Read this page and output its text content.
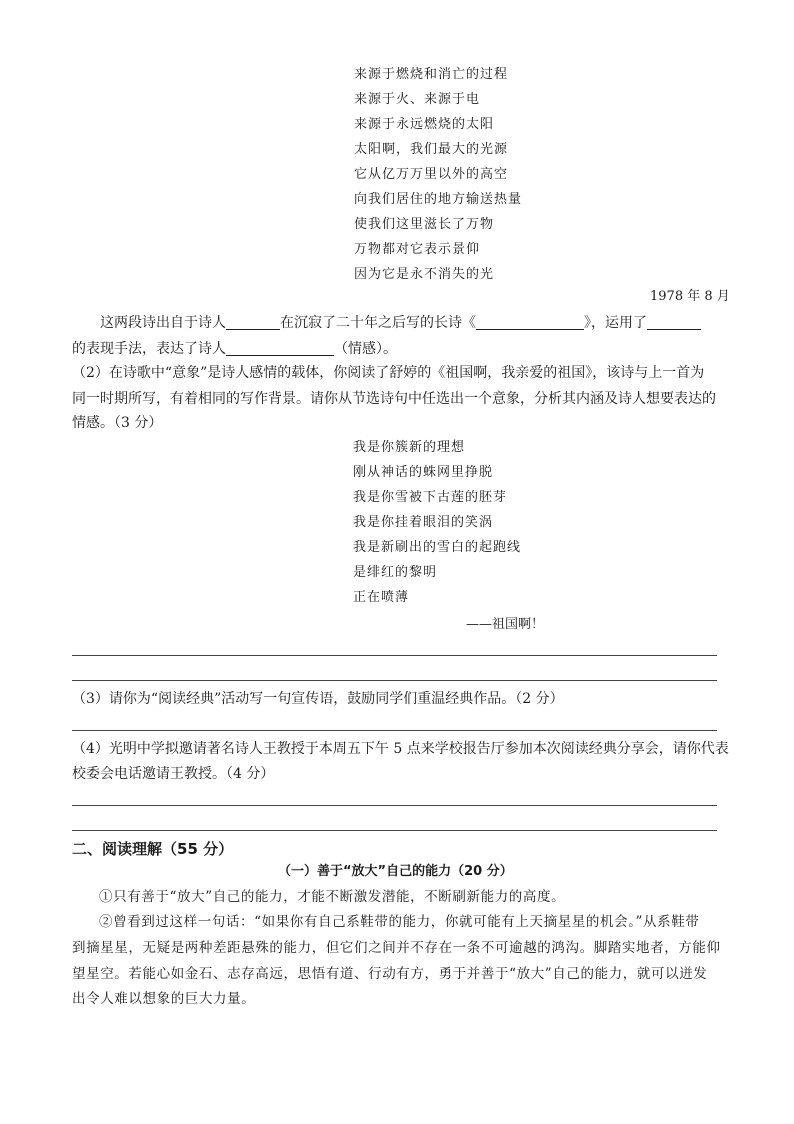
来源于燃烧和消亡的过程
来源于火、来源于电
来源于永远燃烧的太阳
太阳啊，我们最大的光源
它从亿万万里以外的高空
向我们居住的地方输送热量
使我们这里滋长了万物
万物都对它表示景仰
因为它是永不消失的光
1978 年 8 月
这两段诗出自于诗人	在沉寂了二十年之后写的长诗《	》，运用了
的表现手法，表达了诗人	（情感）。
（2）在诗歌中“意象”是诗人感情的载体，你阅读了舒婷的《祖国啊，我亲爱的祖国》，该诗与上一首为
同一时期所写，有着相同的写作背景。请你从节选诗句中任选出一个意象，分析其内涵及诗人想要表达的
情感。（3 分）
我是你簇新的理想
刚从神话的蛛网里挣脱
我是你雪被下古莲的胚芽
我是你挂着眼泪的笑涡
我是新刷出的雪白的起跑线
是绯红的黎明
正在喷薄
——祖国啊！
（3）请你为“阅读经典”活动写一句宣传语，鼓励同学们重温经典作品。（2 分）
（4）光明中学拟邀请著名诗人王教授于本周五下午 5 点来学校报告厅参加本次阅读经典分享会，请你代表
校委会电话邀请王教授。（4 分）
二、阅读理解（55 分）
（一）善于“放大”自己的能力（20 分）
①只有善于“放大”自己的能力，才能不断激发潜能，不断刷新能力的高度。
②曾看到过这样一句话：“如果你有自己系鞋带的能力，你就可能有上天摘星星的机会。”从系鞋带
到摘星星，无疑是两种差距悬殊的能力，但它们之间并不存在一条不可逾越的鸿沟。脚踏实地者，方能仰
望星空。若能心如金石、志存高远，思悟有道、行动有方，勇于并善于“放大”自己的能力，就可以迸发
出令人难以想象的巨大力量。
